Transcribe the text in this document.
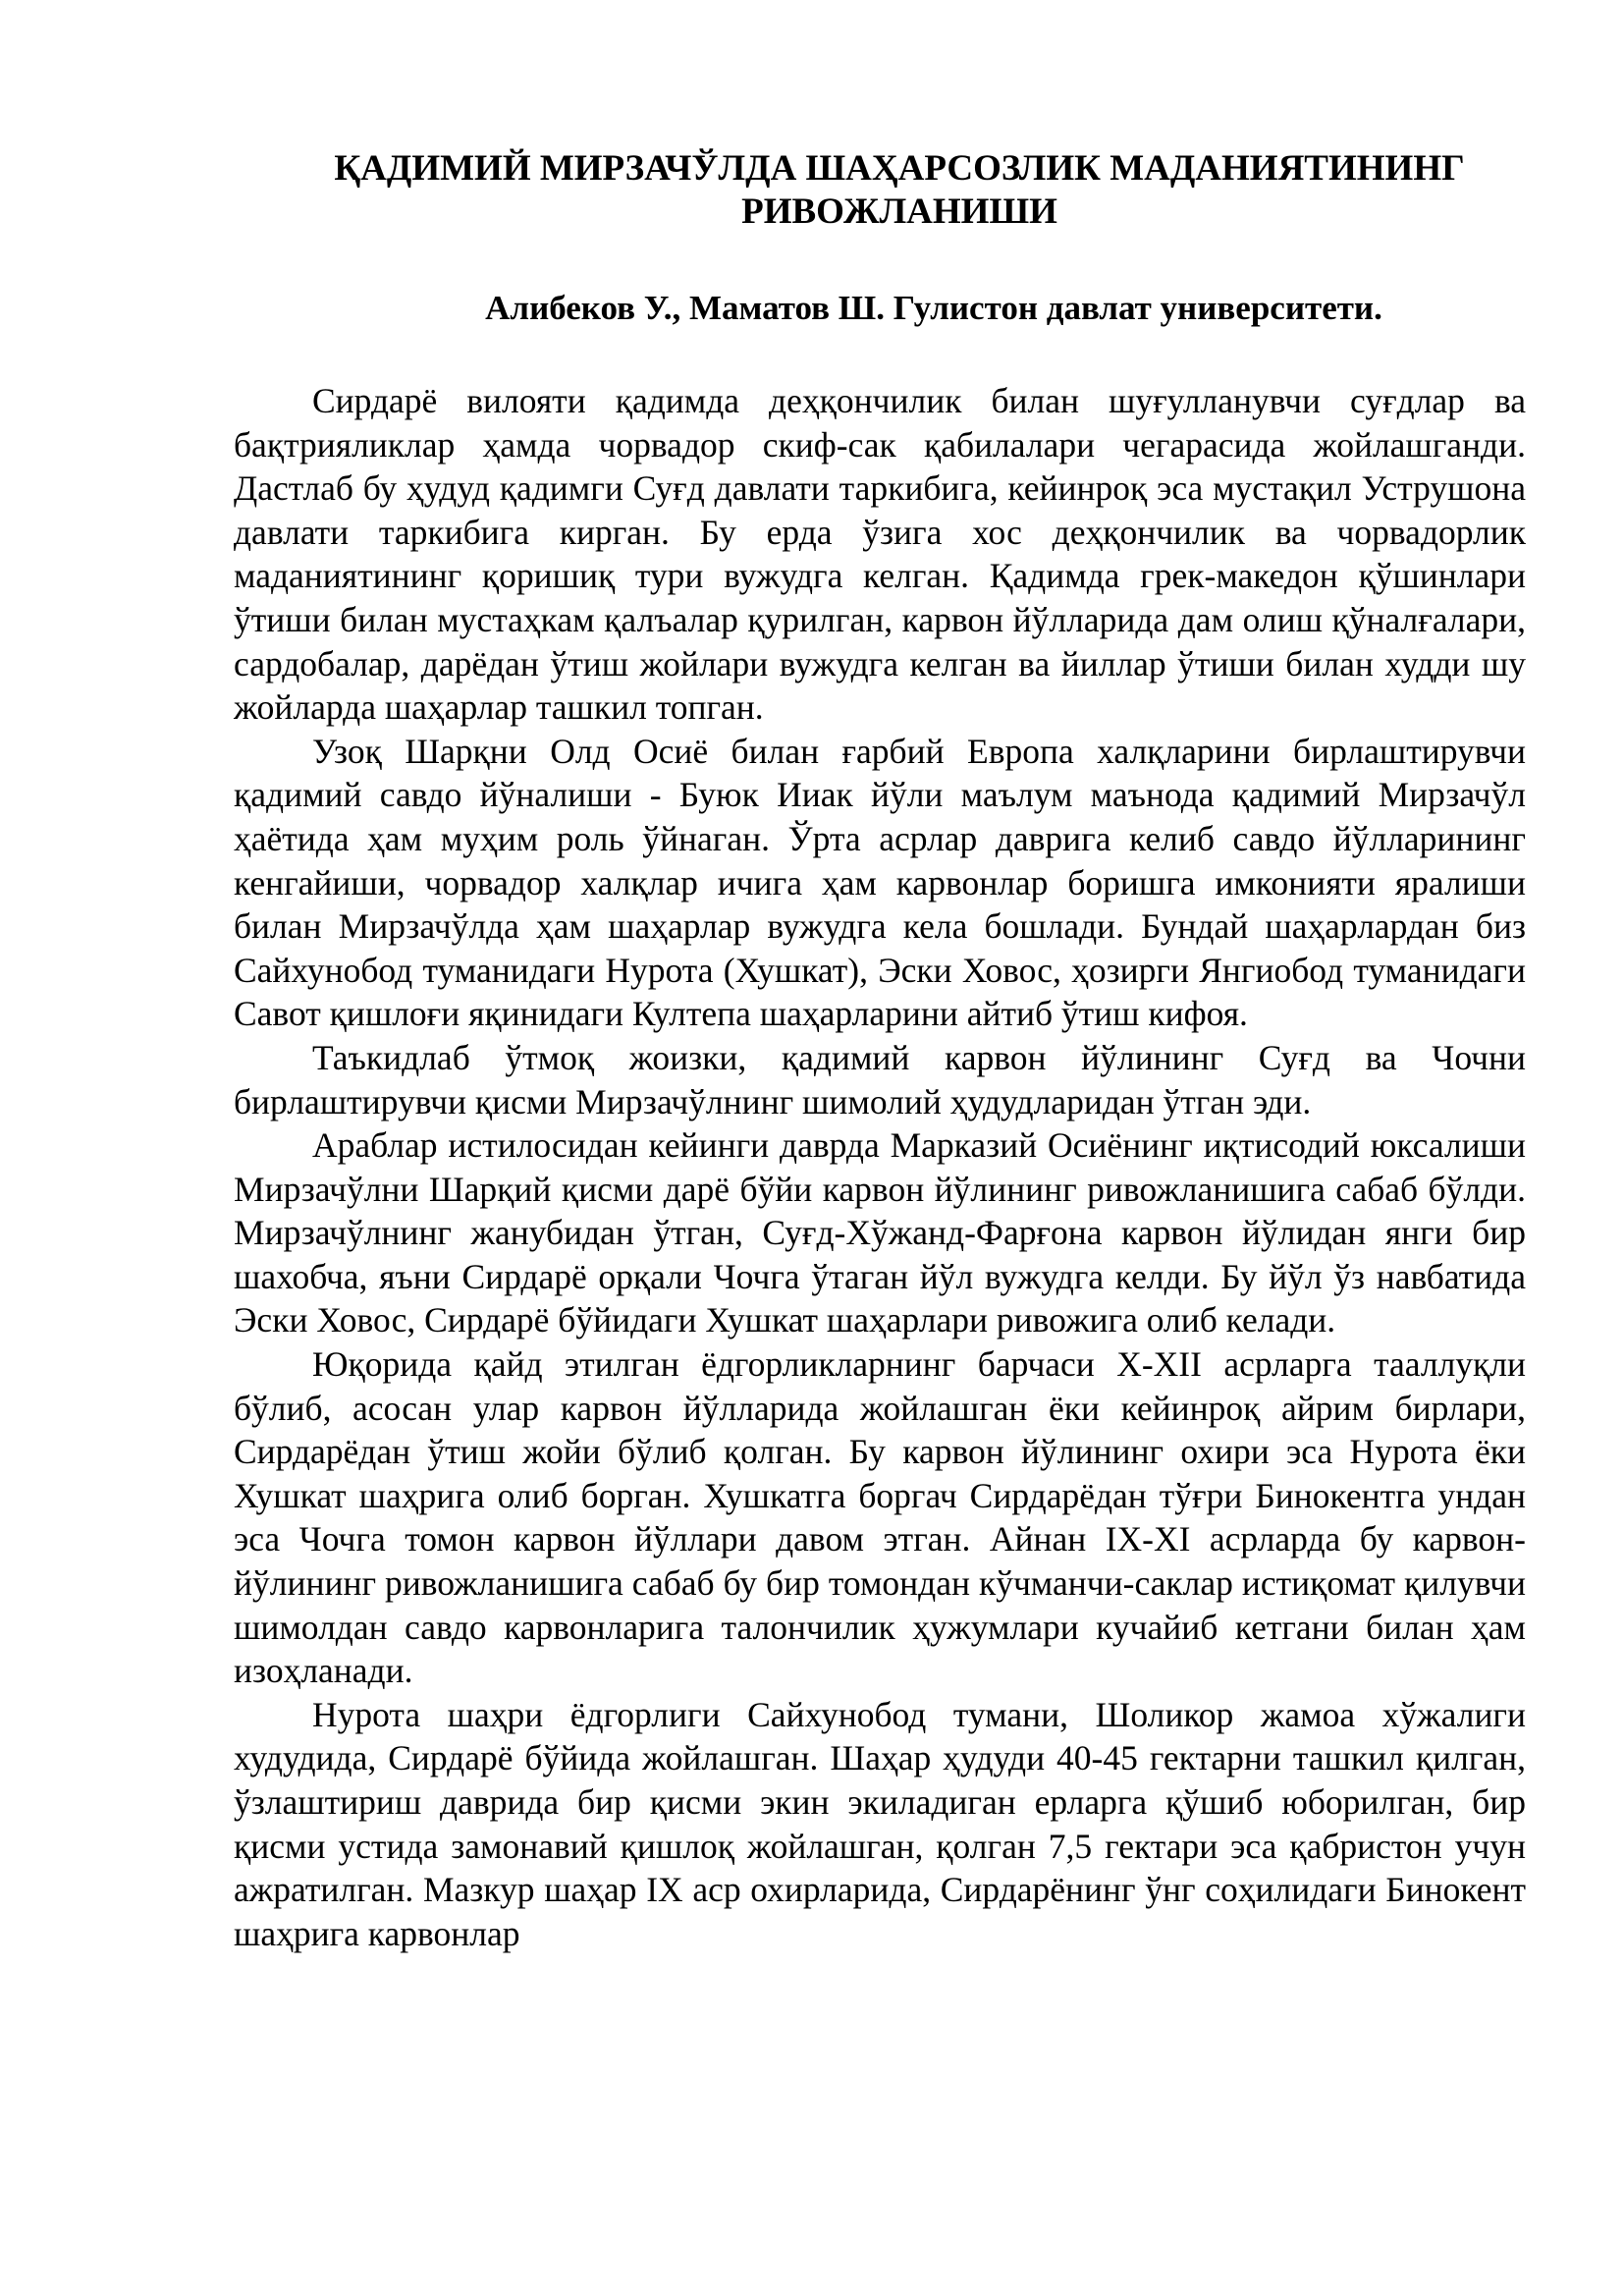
ҚАДИМИЙ МИРЗАЧЎЛДА ШАҲАРСОЗЛИК МАДАНИЯТИНИНГ РИВОЖЛАНИШИ

Алибеков У., Маматов Ш. Гулистон давлат университети.

Сирдарё вилояти қадимда деҳқончилик билан шуғулланувчи суғдлар ва бақтрияликлар ҳамда чорвадор скиф-сак қабилалари чегарасида жойлашганди. Дастлаб бу ҳудуд қадимги Суғд давлати таркибига, кейинроқ эса мустақил Уструшона давлати таркибига кирган. Бу ерда ўзига хос деҳқончилик ва чорвадорлик маданиятининг қоришиқ тури вужудга келган. Қадимда грек-македон қўшинлари ўтиши билан мустаҳкам қалъалар қурилган, карвон йўлларида дам олиш қўналғалари, сардобалар, дарёдан ўтиш жойлари вужудга келган ва йиллар ўтиши билан худди шу жойларда шаҳарлар ташкил топган.

Узоқ Шарқни Олд Осиё билан ғарбий Европа халқларини бирлаштирувчи қадимий савдо йўналиши - Буюк Ииак йўли маълум маънода қадимий Мирзачўл ҳаётида ҳам муҳим роль ўйнаган. Ўрта асрлар даврига келиб савдо йўлларининг кенгайиши, чорвадор халқлар ичига ҳам карвонлар боришга имконияти яралиши билан Мирзачўлда ҳам шаҳарлар вужудга кела бошлади. Бундай шаҳарлардан биз Сайхунобод туманидаги Нурота (Хушкат), Эски Ховос, ҳозирги Янгиобод туманидаги Савот қишлоғи яқинидаги Култепа шаҳарларини айтиб ўтиш кифоя.

Таъкидлаб ўтмоқ жоизки, қадимий карвон йўлининг Суғд ва Чочни бирлаштирувчи қисми Мирзачўлнинг шимолий ҳудудларидан ўтган эди.

Араблар истилосидан кейинги даврда Марказий Осиёнинг иқтисодий юксалиши Мирзачўлни Шарқий қисми дарё бўйи карвон йўлининг ривожланишига сабаб бўлди. Мирзачўлнинг жанубидан ўтган, Суғд-Хўжанд-Фарғона карвон йўлидан янги бир шахобча, яъни Сирдарё орқали Чочга ўтаган йўл вужудга келди. Бу йўл ўз навбатида Эски Ховос, Сирдарё бўйидаги Хушкат шаҳарлари ривожига олиб келади.

Юқорида қайд этилган ёдгорликларнинг барчаси X-XII асрларга тааллуқли бўлиб, асосан улар карвон йўлларида жойлашган ёки кейинроқ айрим бирлари, Сирдарёдан ўтиш жойи бўлиб қолган. Бу карвон йўлининг охири эса Нурота ёки Хушкат шаҳрига олиб борган. Хушкатга боргач Сирдарёдан тўғри Бинокентга ундан эса Чочга томон карвон йўллари давом этган. Айнан IX-XI асрларда бу карвон-йўлининг ривожланишига сабаб бу бир томондан кўчманчи-саклар истиқомат қилувчи шимолдан савдо карвонларига талончилик ҳужумлари кучайиб кетгани билан ҳам изоҳланади.

Нурота шаҳри ёдгорлиги Сайхунобод тумани, Шоликор жамоа хўжалиги худудида, Сирдарё бўйида жойлашган. Шаҳар ҳудуди 40-45 гектарни ташкил қилган, ўзлаштириш даврида бир қисми экин экиладиган ерларга қўшиб юборилган, бир қисми устида замонавий қишлоқ жойлашган, қолган 7,5 гектари эса қабристон учун ажратилган. Мазкур шаҳар IX аср охирларида, Сирдарёнинг ўнг соҳилидаги Бинокент шаҳрига карвонлар
